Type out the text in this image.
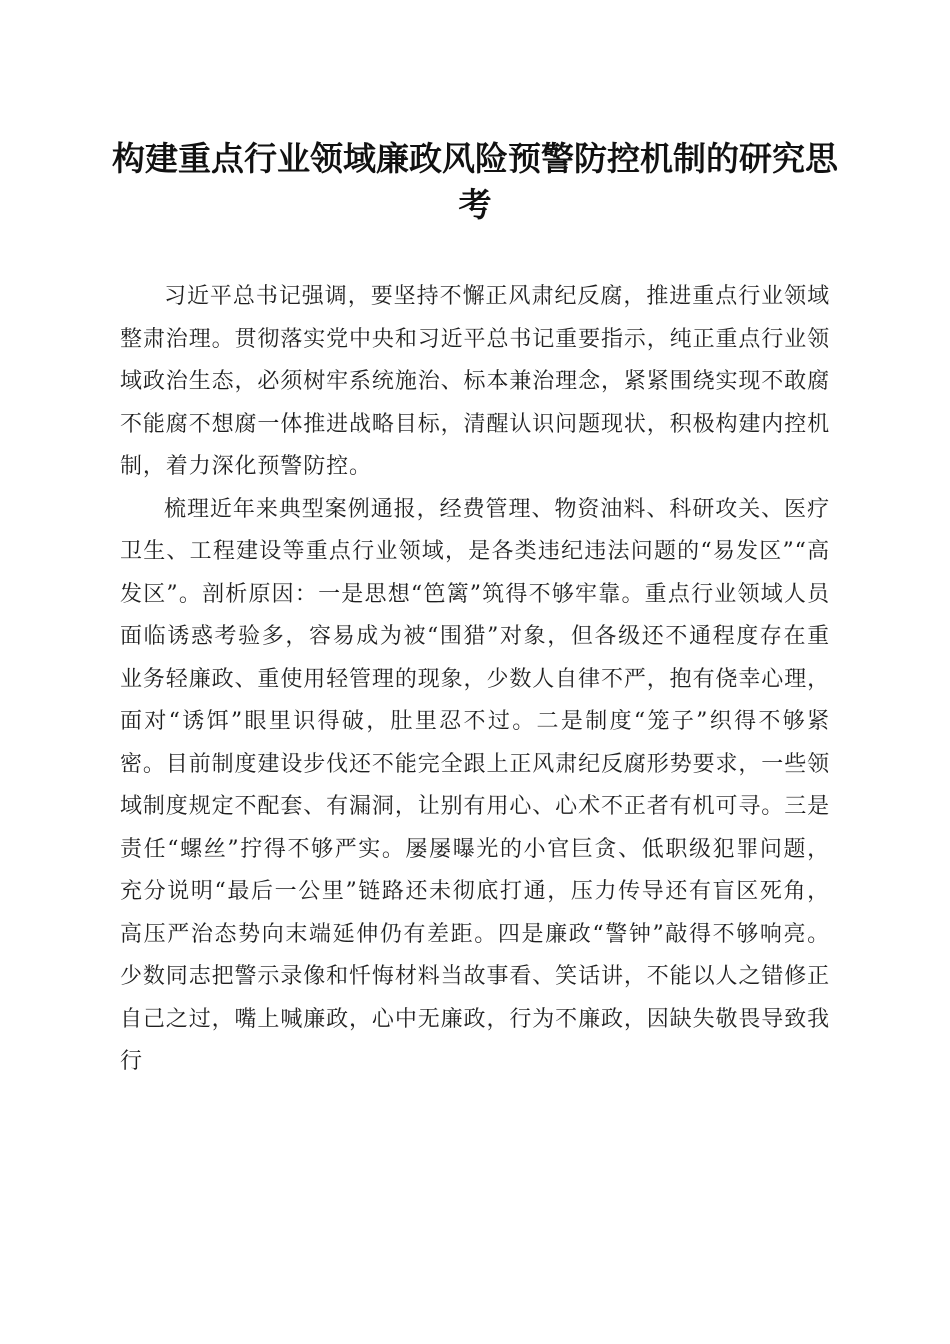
构建重点行业领域廉政风险预警防控机制的研究思考

习近平总书记强调，要坚持不懈正风肃纪反腐，推进重点行业领域整肃治理。贯彻落实党中央和习近平总书记重要指示，纯正重点行业领域政治生态，必须树牢系统施治、标本兼治理念，紧紧围绕实现不敢腐不能腐不想腐一体推进战略目标，清醒认识问题现状，积极构建内控机制，着力深化预警防控。

梳理近年来典型案例通报，经费管理、物资油料、科研攻关、医疗卫生、工程建设等重点行业领域，是各类违纪违法问题的“易发区”“高发区”。剖析原因：一是思想“笆篱”筑得不够牢靠。重点行业领域人员面临诱惑考验多，容易成为被“围猎”对象，但各级还不通程度存在重业务轻廉政、重使用轻管理的现象，少数人自律不严，抱有侥幸心理，面对“诱饵”眼里识得破，肚里忍不过。二是制度“笼子”织得不够紧密。目前制度建设步伐还不能完全跟上正风肃纪反腐形势要求，一些领域制度规定不配套、有漏洞，让别有用心、心术不正者有机可寻。三是责任“螺丝”拧得不够严实。屡屡曝光的小官巨贪、低职级犯罪问题，充分说明“最后一公里”链路还未彻底打通，压力传导还有盲区死角，高压严治态势向末端延伸仍有差距。四是廉政“警钟”敲得不够响亮。少数同志把警示录像和忏悔材料当故事看、笑话讲，不能以人之错修正自己之过，嘴上喊廉政，心中无廉政，行为不廉政，因缺失敬畏导致我行
